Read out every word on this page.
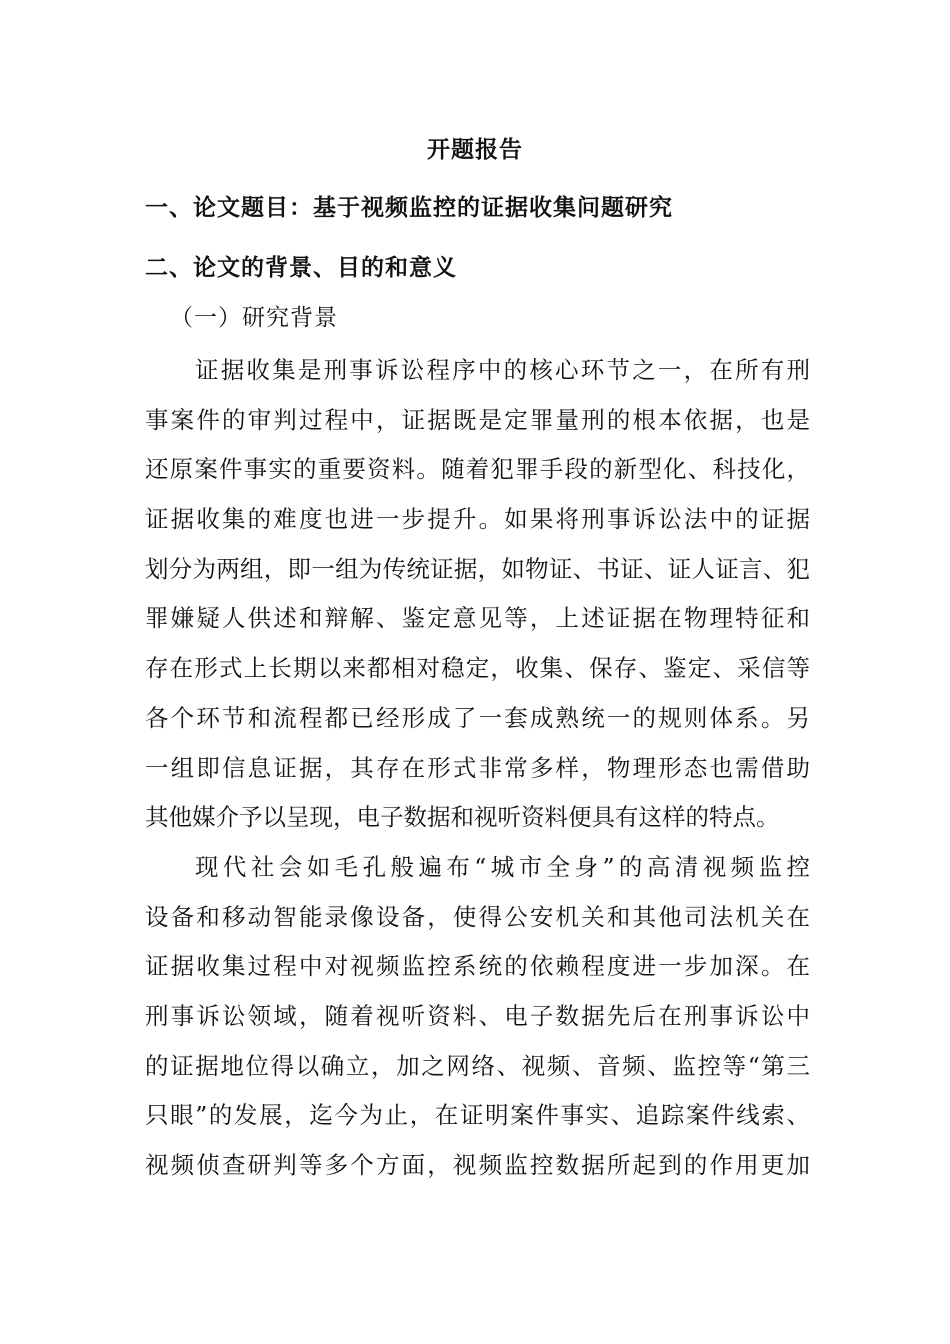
开题报告
一、论文题目：基于视频监控的证据收集问题研究
二、论文的背景、目的和意义
（一）研究背景
证据收集是刑事诉讼程序中的核心环节之一，在所有刑
事案件的审判过程中，证据既是定罪量刑的根本依据，也是
还原案件事实的重要资料。随着犯罪手段的新型化、科技化，
证据收集的难度也进一步提升。如果将刑事诉讼法中的证据
划分为两组，即一组为传统证据，如物证、书证、证人证言、犯
罪嫌疑人供述和辩解、鉴定意见等，上述证据在物理特征和
存在形式上长期以来都相对稳定，收集、保存、鉴定、采信等
各个环节和流程都已经形成了一套成熟统一的规则体系。另
一组即信息证据，其存在形式非常多样，物理形态也需借助
其他媒介予以呈现，电子数据和视听资料便具有这样的特点。
现代社会如毛孔般遍布“城市全身”的高清视频监控
设备和移动智能录像设备，使得公安机关和其他司法机关在
证据收集过程中对视频监控系统的依赖程度进一步加深。在
刑事诉讼领域，随着视听资料、电子数据先后在刑事诉讼中
的证据地位得以确立，加之网络、视频、音频、监控等“第三
只眼”的发展，迄今为止，在证明案件事实、追踪案件线索、
视频侦查研判等多个方面，视频监控数据所起到的作用更加
